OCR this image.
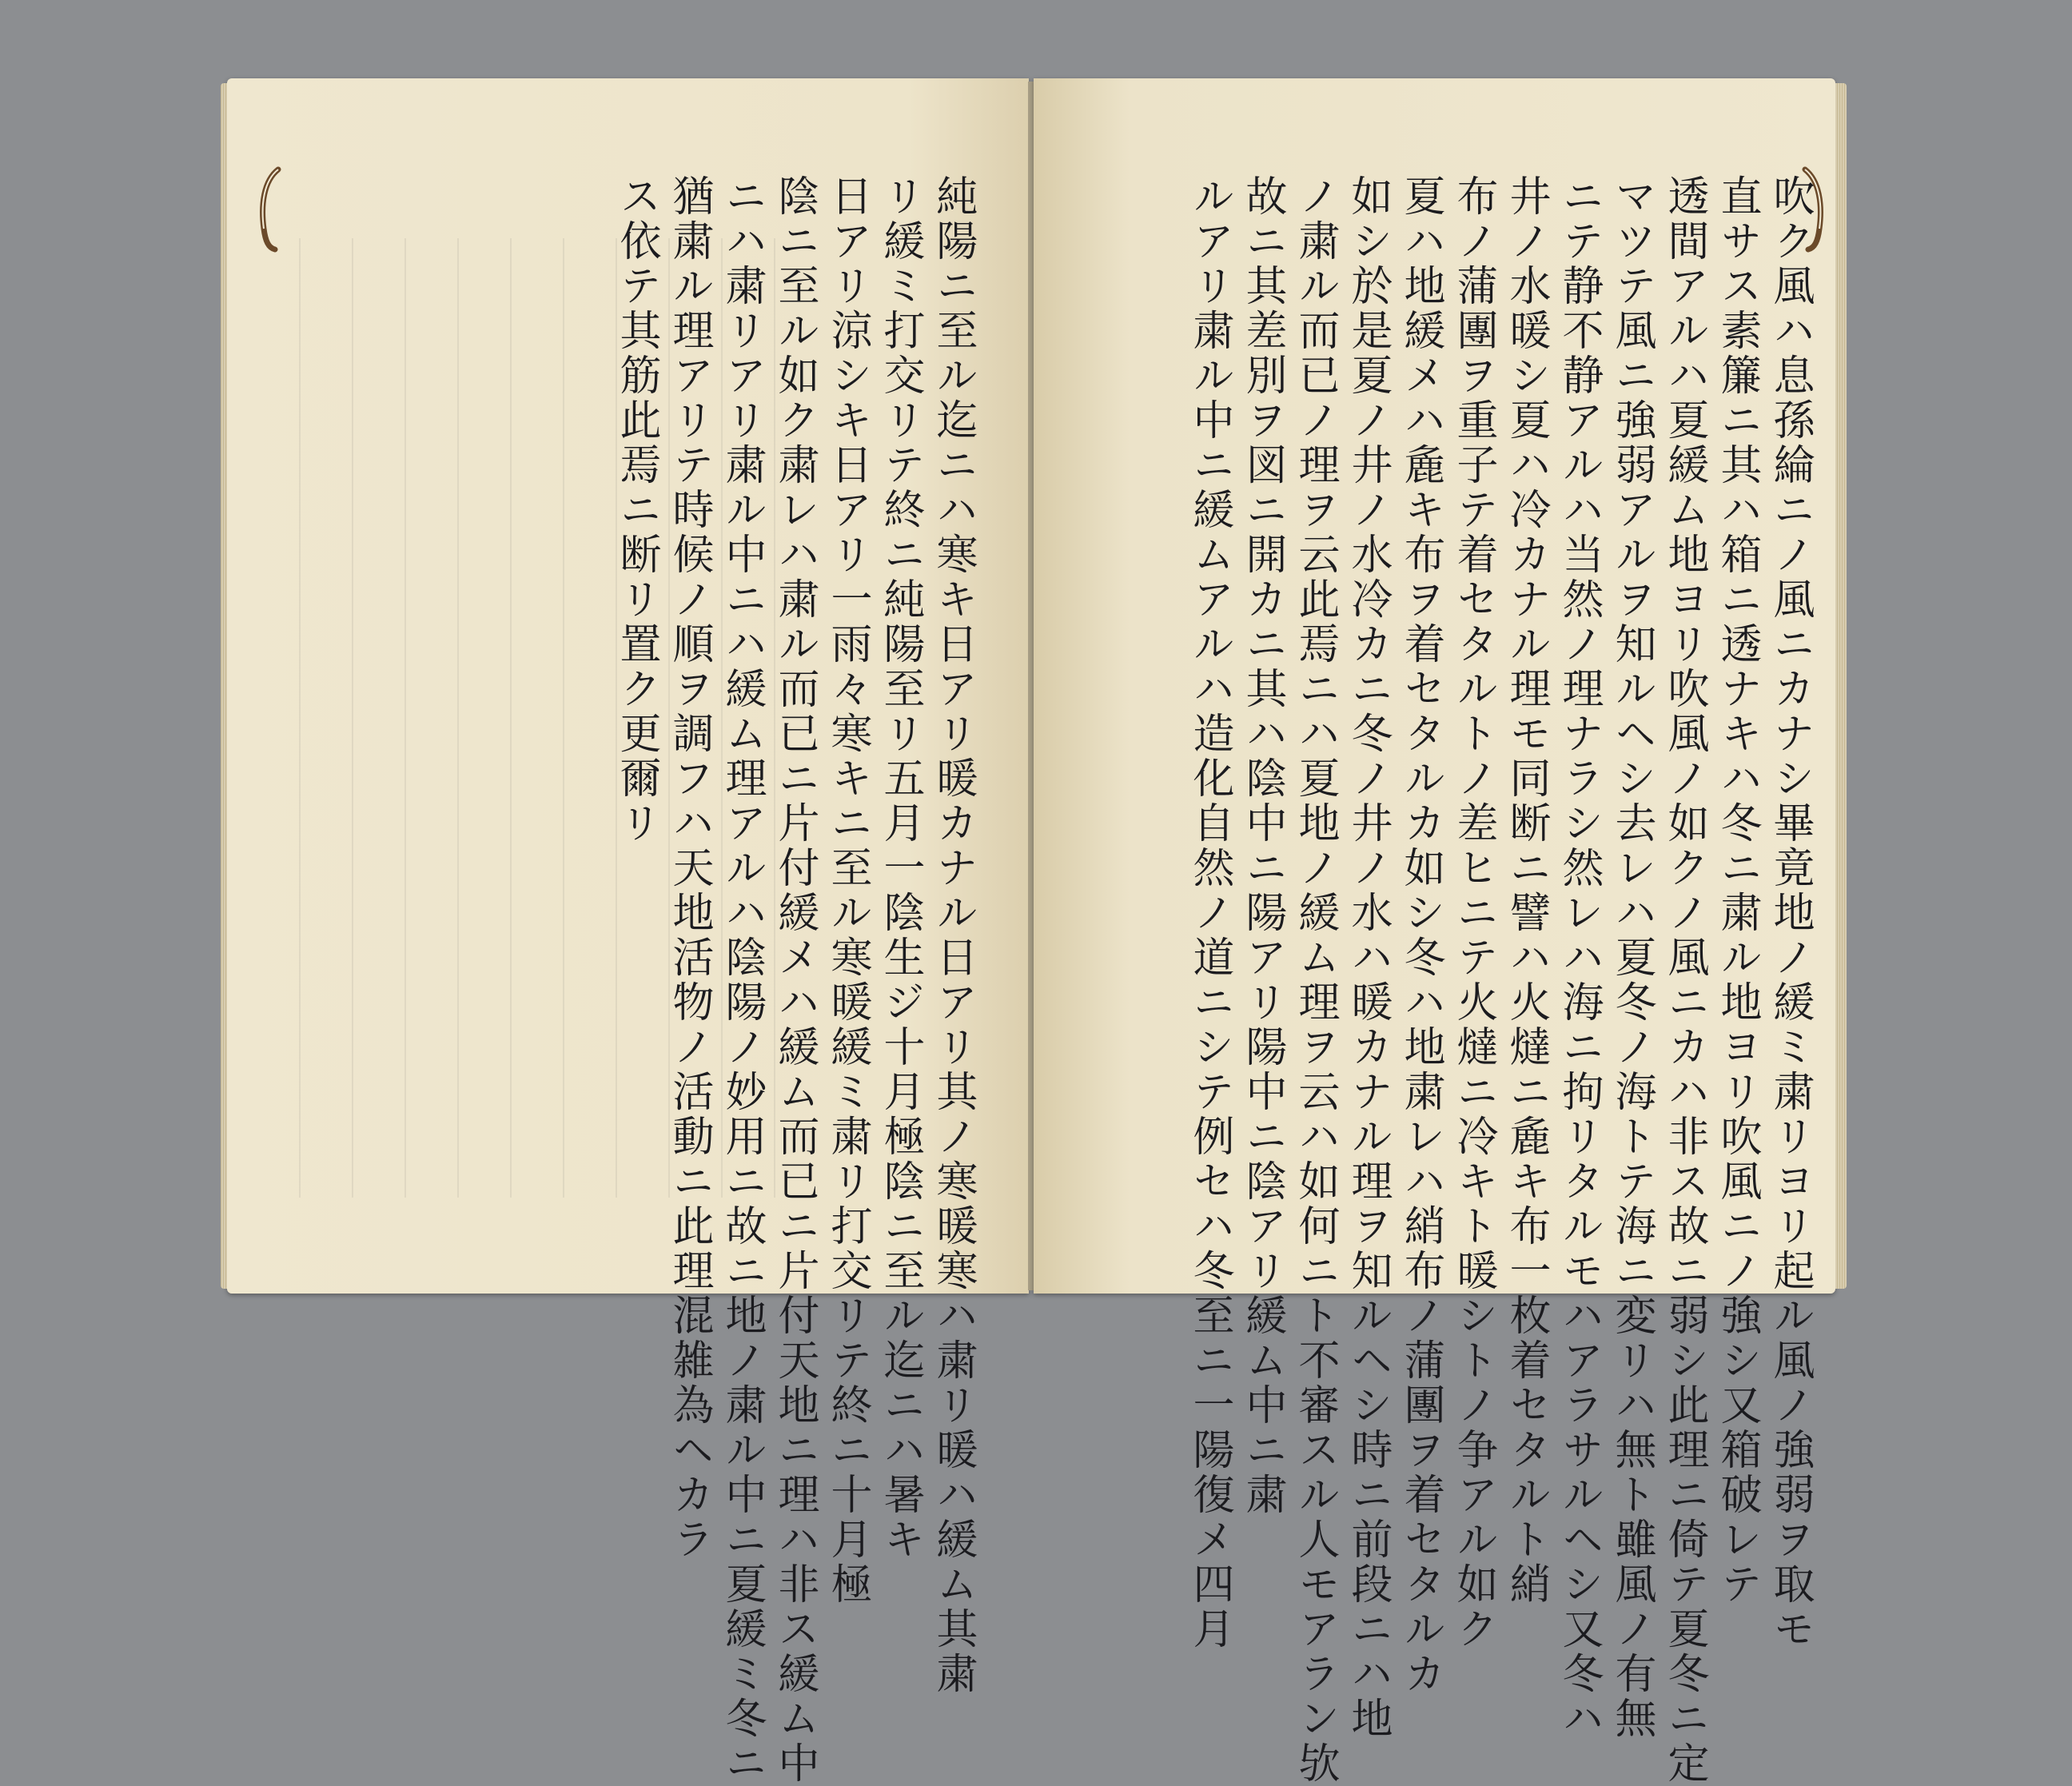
純陽ニ至ル迄ニハ寒キ日アリ暖カナル日アリ其ノ寒暖寒ハ粛リ暖ハ緩ム其粛
リ緩ミ打交リテ終ニ純陽至リ五月一陰生ジ十月極陰ニ至ル迄ニハ暑キ
日アリ涼シキ日アリ一雨々寒キニ至ル寒暖緩ミ粛リ打交リテ終ニ十月極
陰ニ至ル如ク粛レハ粛ル而已ニ片付緩メハ緩ム而已ニ片付天地ニ理ハ非ス緩ム中
ニハ粛リアリ粛ル中ニハ緩ム理アルハ陰陽ノ妙用ニ故ニ地ノ粛ル中ニ夏緩ミ冬ニ
猶粛ル理アリテ時候ノ順ヲ調フハ天地活物ノ活動ニ此理混雑為ヘカラ
ス依テ其筋此焉ニ断リ置ク更爾リ	吹ク風ハ息孫綸ニノ風ニカナシ畢竟地ノ緩ミ粛リヨリ起ル風ノ強弱ヲ取モ
直サス素簾ニ其ハ箱ニ透ナキハ冬ニ粛ル地ヨリ吹風ニノ強シ又箱破レテ
透間アルハ夏緩ム地ヨリ吹風ノ如クノ風ニカハ非ス故ニ弱シ此理ニ倚テ夏冬ニ定
マツテ風ニ強弱アルヲ知ルヘシ去レハ夏冬ノ海トテ海ニ変リハ無ト雖風ノ有無
ニテ静不静アルハ当然ノ理ナラシ然レハ海ニ拘リタルモハアラサルヘシ又冬ハ
井ノ水暖シ夏ハ冷カナル理モ同断ニ譬ハ火燵ニ麁キ布一枚着セタルト綃
布ノ蒲團ヲ重子テ着セタルトノ差ヒニテ火燵ニ冷キト暖シトノ争アル如ク
夏ハ地緩メハ麁キ布ヲ着セタルカ如シ冬ハ地粛レハ綃布ノ蒲團ヲ着セタルカ
如シ於是夏ノ井ノ水冷カニ冬ノ井ノ水ハ暖カナル理ヲ知ルヘシ時ニ前段ニハ地
ノ粛ル而已ノ理ヲ云此焉ニハ夏地ノ緩ム理ヲ云ハ如何ニト不審スル人モアラン欤
故ニ其差別ヲ図ニ開カニ其ハ陰中ニ陽アリ陽中ニ陰アリ緩ム中ニ粛
ルアリ粛ル中ニ緩ムアルハ造化自然ノ道ニシテ例セハ冬至ニ一陽復メ四月
